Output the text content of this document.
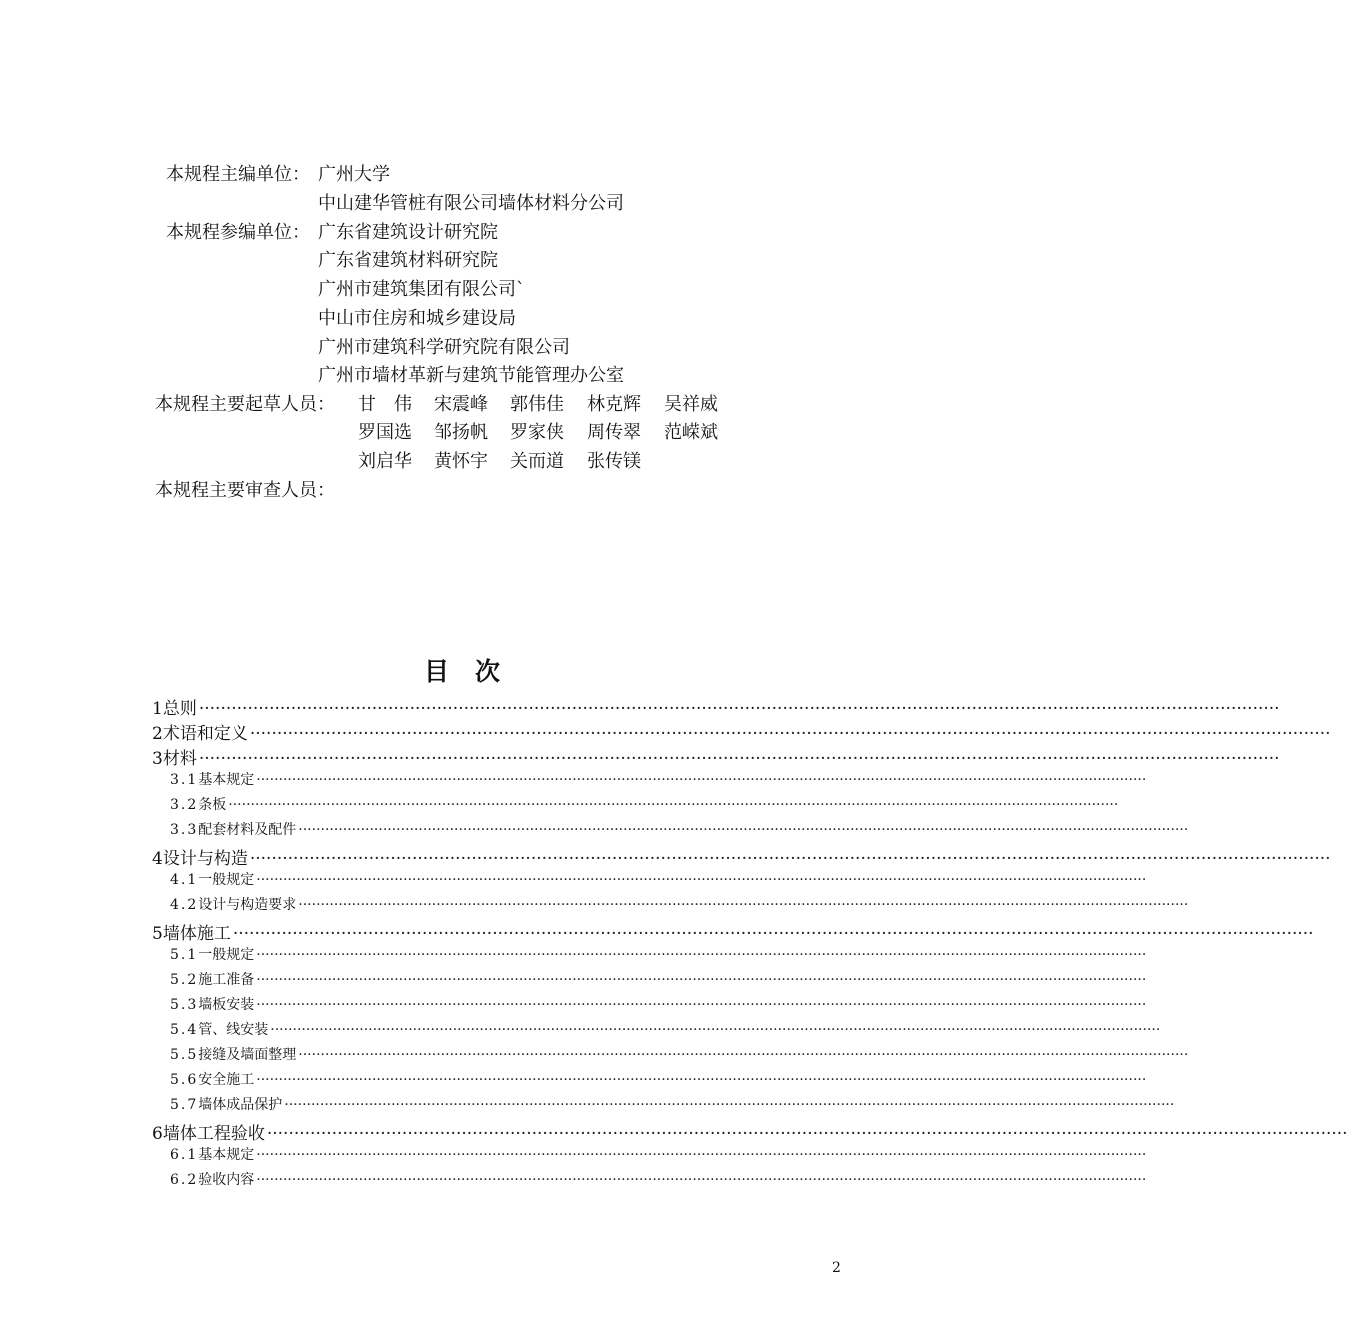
本规程主编单位： 广州大学
中山建华管桩有限公司墙体材料分公司
本规程参编单位： 广东省建筑设计研究院
广东省建筑材料研究院
广州市建筑集团有限公司`
中山市住房和城乡建设局
广州市建筑科学研究院有限公司
广州市墙材革新与建筑节能管理办公室
本规程主要起草人员： 甘　伟 宋震峰 郭伟佳 林克辉 吴祥威
罗国选 邹扬帆 罗家侠 周传翠 范嵘斌
刘启华 黄怀宇 关而道 张传镁
本规程主要审查人员：
目次
1 总则 ········································································································································································································
2 术语和定义 ········································································································································································································
3 材料 ········································································································································································································
3.1 基本规定 ········································································································································································································
3.2 条板 ········································································································································································································
3.3 配套材料及配件 ········································································································································································································
4 设计与构造 ········································································································································································································
4.1 一般规定 ········································································································································································································
4.2 设计与构造要求 ········································································································································································································
5 墙体施工 ········································································································································································································
5.1 一般规定 ········································································································································································································
5.2 施工准备 ········································································································································································································
5.3 墙板安装 ········································································································································································································
5.4 管、线安装 ········································································································································································································
5.5 接缝及墙面整理 ········································································································································································································
5.6 安全施工 ········································································································································································································
5.7 墙体成品保护 ········································································································································································································
6 墙体工程验收 ········································································································································································································
6.1 基本规定 ········································································································································································································
6.2 验收内容 ········································································································································································································
2
